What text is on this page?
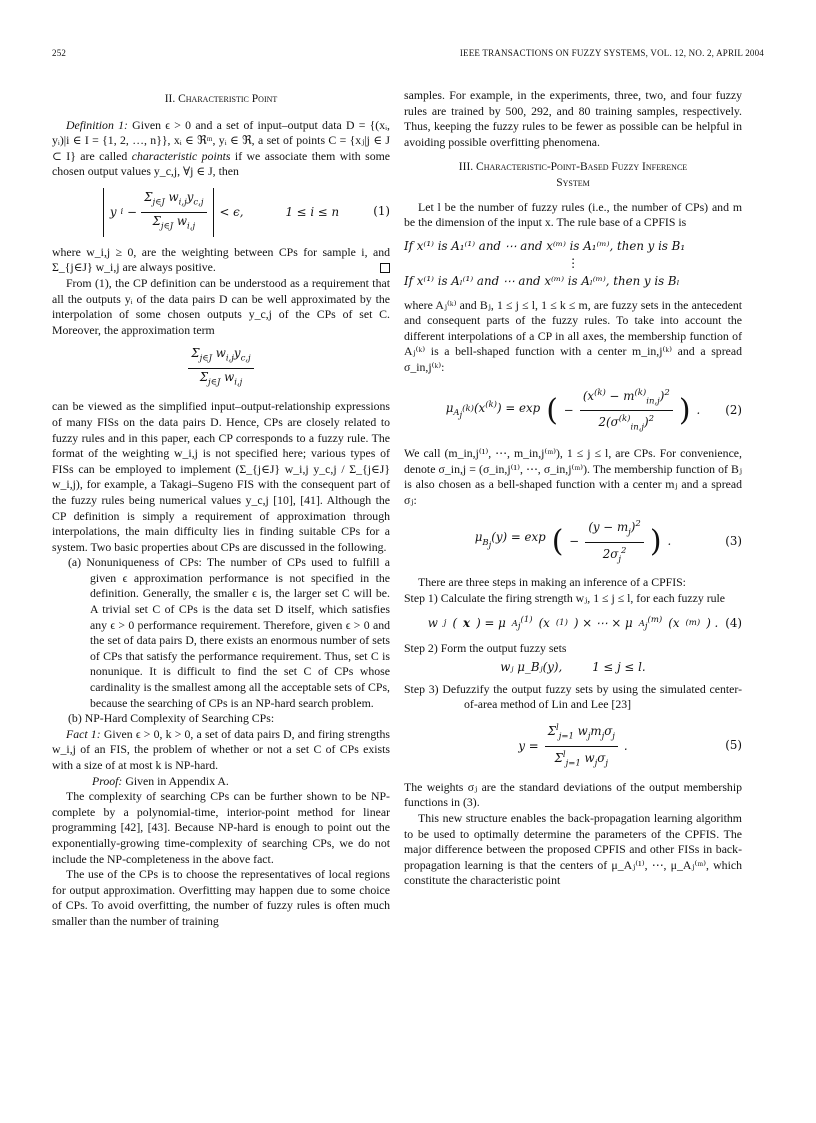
252	IEEE TRANSACTIONS ON FUZZY SYSTEMS, VOL. 12, NO. 2, APRIL 2004

II. Characteristic Point

Definition 1: Given ϵ > 0 and a set of input–output data D = {(xᵢ, yᵢ)|i ∈ I = {1, 2, …, n}}, xᵢ ∈ ℜᵐ, yᵢ ∈ ℜ, a set of points C = {xⱼ|j ∈ J ⊂ I} are called characteristic points if we associate them with some chosen output values y_c,j, ∀j ∈ J, then

y $i - \frac{\Sigma_{j\in J} w_{i,j}y_{c,j}}{\Sigma_{j\in J} w_{i,j}} < \epsilon$,	1 ≤ i ≤ n	(1)

where w_i,j ≥ 0, are the weighting between CPs for sample i, and Σ_{j∈J} w_i,j are always positive.

From (1), the CP definition can be understood as a requirement that all the outputs yᵢ of the data pairs D can be well approximated by the interpolation of some chosen outputs y_c,j of the CPs of set C. Moreover, the approximation term

$\frac{\Sigma_{j\in J} w_{i,j}y_{c,j}}{\Sigma_{j\in J} w_{i,j}}$

can be viewed as the simplified input–output-relationship expressions of many FISs on the data pairs D. Hence, CPs are closely related to fuzzy rules and in this paper, each CP corresponds to a fuzzy rule. The format of the weighting w_i,j is not specified here; various types of FISs can be employed to implement (Σ_{j∈J} w_i,j y_c,j / Σ_{j∈J} w_i,j), for example, a Takagi–Sugeno FIS with the consequent part of the fuzzy rules being numerical values y_c,j [10], [41]. Although the CP definition is simply a requirement of approximation through interpolations, the main difficulty lies in finding suitable CPs for a system. Two basic properties about CPs are discussed in the following.

(a) Nonuniqueness of CPs: The number of CPs used to fulfill a given ϵ approximation performance is not specified in the definition. Generally, the smaller ϵ is, the larger set C will be. A trivial set C of CPs is the data set D itself, which satisfies any ϵ > 0 performance requirement. Therefore, given ϵ > 0 and the set of data pairs D, there exists an enormous number of sets of CPs that satisfy the performance requirement. Thus, set C is nonunique. It is difficult to find the set C of CPs whose cardinality is the smallest among all the acceptable sets of CPs, because the searching of CPs is an NP-hard search problem.

(b) NP-Hard Complexity of Searching CPs:

Fact 1: Given ϵ > 0, k > 0, a set of data pairs D, and firing strengths w_i,j of an FIS, the problem of whether or not a set C of CPs exists with a size of at most k is NP-hard.

Proof: Given in Appendix A.

The complexity of searching CPs can be further shown to be NP-complete by a polynomial-time, interior-point method for linear programming [42], [43]. Because NP-hard is enough to point out the exponentially-growing time-complexity of searching CPs, we do not include the NP-completeness in the above fact.

The use of the CPs is to choose the representatives of local regions for output approximation. Overfitting may happen due to some choice of CPs. To avoid overfitting, the number of fuzzy rules is often much smaller than the number of training

samples. For example, in the experiments, three, two, and four fuzzy rules are trained by 500, 292, and 80 training samples, respectively. Thus, keeping the fuzzy rules to be fewer as possible can be helpful in avoiding possible overfitting phenomena.

III. Characteristic-Point-Based Fuzzy Inference
System

Let l be the number of fuzzy rules (i.e., the number of CPs) and m be the dimension of the input x. The rule base of a CPFIS is

If x⁽¹⁾ is A₁⁽¹⁾ and ⋯ and x⁽ᵐ⁾ is A₁⁽ᵐ⁾, then y is B₁

⋮

If x⁽¹⁾ is Aₗ⁽¹⁾ and ⋯ and x⁽ᵐ⁾ is Aₗ⁽ᵐ⁾, then y is Bₗ

where Aⱼ⁽ᵏ⁾ and Bⱼ, 1 ≤ j ≤ l, 1 ≤ k ≤ m, are fuzzy sets in the antecedent and consequent parts of the fuzzy rules. To take into account the different interpolations of a CP in all axes, the membership function of Aⱼ⁽ᵏ⁾ is a bell-shaped function with a center m_in,j⁽ᵏ⁾ and a spread σ_in,j⁽ᵏ⁾:

$\mu_{A_j^{(k)}}(x^{(k)}) = \exp$ ( − $\frac{(x^{(k)} - m^{(k)}_{in,j})^2}{2(\sigma^{(k)}_{in,j})^2}$ ) . (2)

We call (m_in,j⁽¹⁾, ⋯, m_in,j⁽ᵐ⁾), 1 ≤ j ≤ l, are CPs. For convenience, denote σ_in,j = (σ_in,j⁽¹⁾, ⋯, σ_in,j⁽ᵐ⁾). The membership function of Bⱼ is also chosen as a bell-shaped function with a center mⱼ and a spread σⱼ:

$\mu_{B_j}(y) = \exp$ ( − $\frac{(y - m_j)^2}{2\sigma_j^2}$ ) .	(3)

There are three steps in making an inference of a CPFIS:

Step 1) Calculate the firing strength wⱼ, 1 ≤ j ≤ l, for each fuzzy rule

w j ( x ) = μ $A_j^{(1)}$ (x (1) ) × ⋯ × μ $A_j^{(m)}$ (x (m) ) . (4)

Step 2) Form the output fuzzy sets

wⱼ μ_Bⱼ(y),        1 ≤ j ≤ l.

Step 3) Defuzzify the output fuzzy sets by using the simulated center-of-area method of Lin and Lee [23]

$y = \frac{\Sigma^l_{j=1} w_jm_j\sigma_j}{\Sigma^l_{j=1} w_j\sigma_j}$ .	(5)

The weights σⱼ are the standard deviations of the output membership functions in (3).

This new structure enables the back-propagation learning algorithm to be used to optimally determine the parameters of the CPFIS. The major difference between the proposed CPFIS and other FISs in back-propagation learning is that the centers of μ_Aⱼ⁽¹⁾, ⋯, μ_Aⱼ⁽ᵐ⁾, which constitute the characteristic point
